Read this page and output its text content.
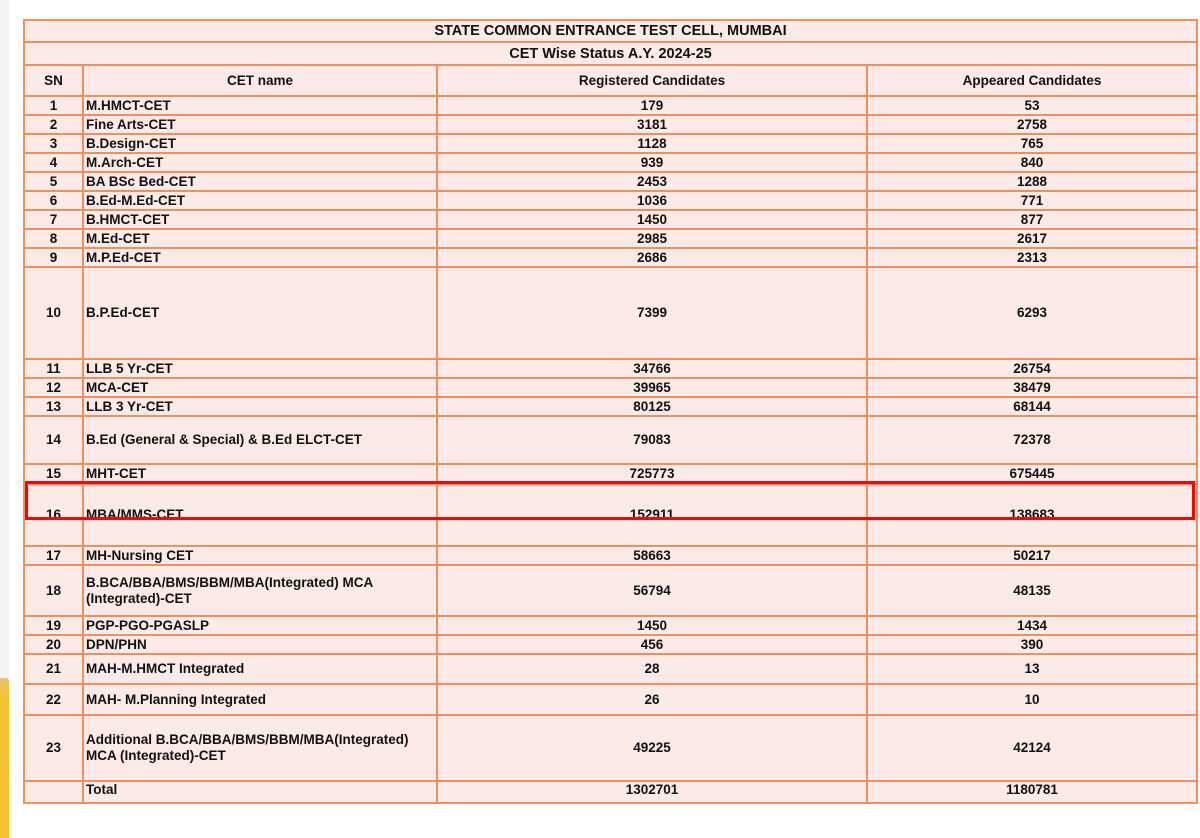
STATE COMMON ENTRANCE TEST CELL, MUMBAI			
CET Wise Status A.Y. 2024-25			
SN	CET name	Registered Candidates	Appeared Candidates
1	M.HMCT-CET	179	53
2	Fine Arts-CET	3181	2758
3	B.Design-CET	1128	765
4	M.Arch-CET	939	840
5	BA BSc Bed-CET	2453	1288
6	B.Ed-M.Ed-CET	1036	771
7	B.HMCT-CET	1450	877
8	M.Ed-CET	2985	2617
9	M.P.Ed-CET	2686	2313
10	B.P.Ed-CET	7399	6293
11	LLB 5 Yr-CET	34766	26754
12	MCA-CET	39965	38479
13	LLB 3 Yr-CET	80125	68144
14	B.Ed (General & Special) & B.Ed ELCT-CET	79083	72378
15	MHT-CET	725773	675445
16	MBA/MMS-CET	152911	138683
17	MH-Nursing CET	58663	50217
18	B.BCA/BBA/BMS/BBM/MBA(Integrated) MCA (Integrated)-CET	56794	48135
19	PGP-PGO-PGASLP	1450	1434
20	DPN/PHN	456	390
21	MAH-M.HMCT Integrated	28	13
22	MAH- M.Planning Integrated	26	10
23	Additional B.BCA/BBA/BMS/BBM/MBA(Integrated) MCA (Integrated)-CET	49225	42124
	Total	1302701	1180781
